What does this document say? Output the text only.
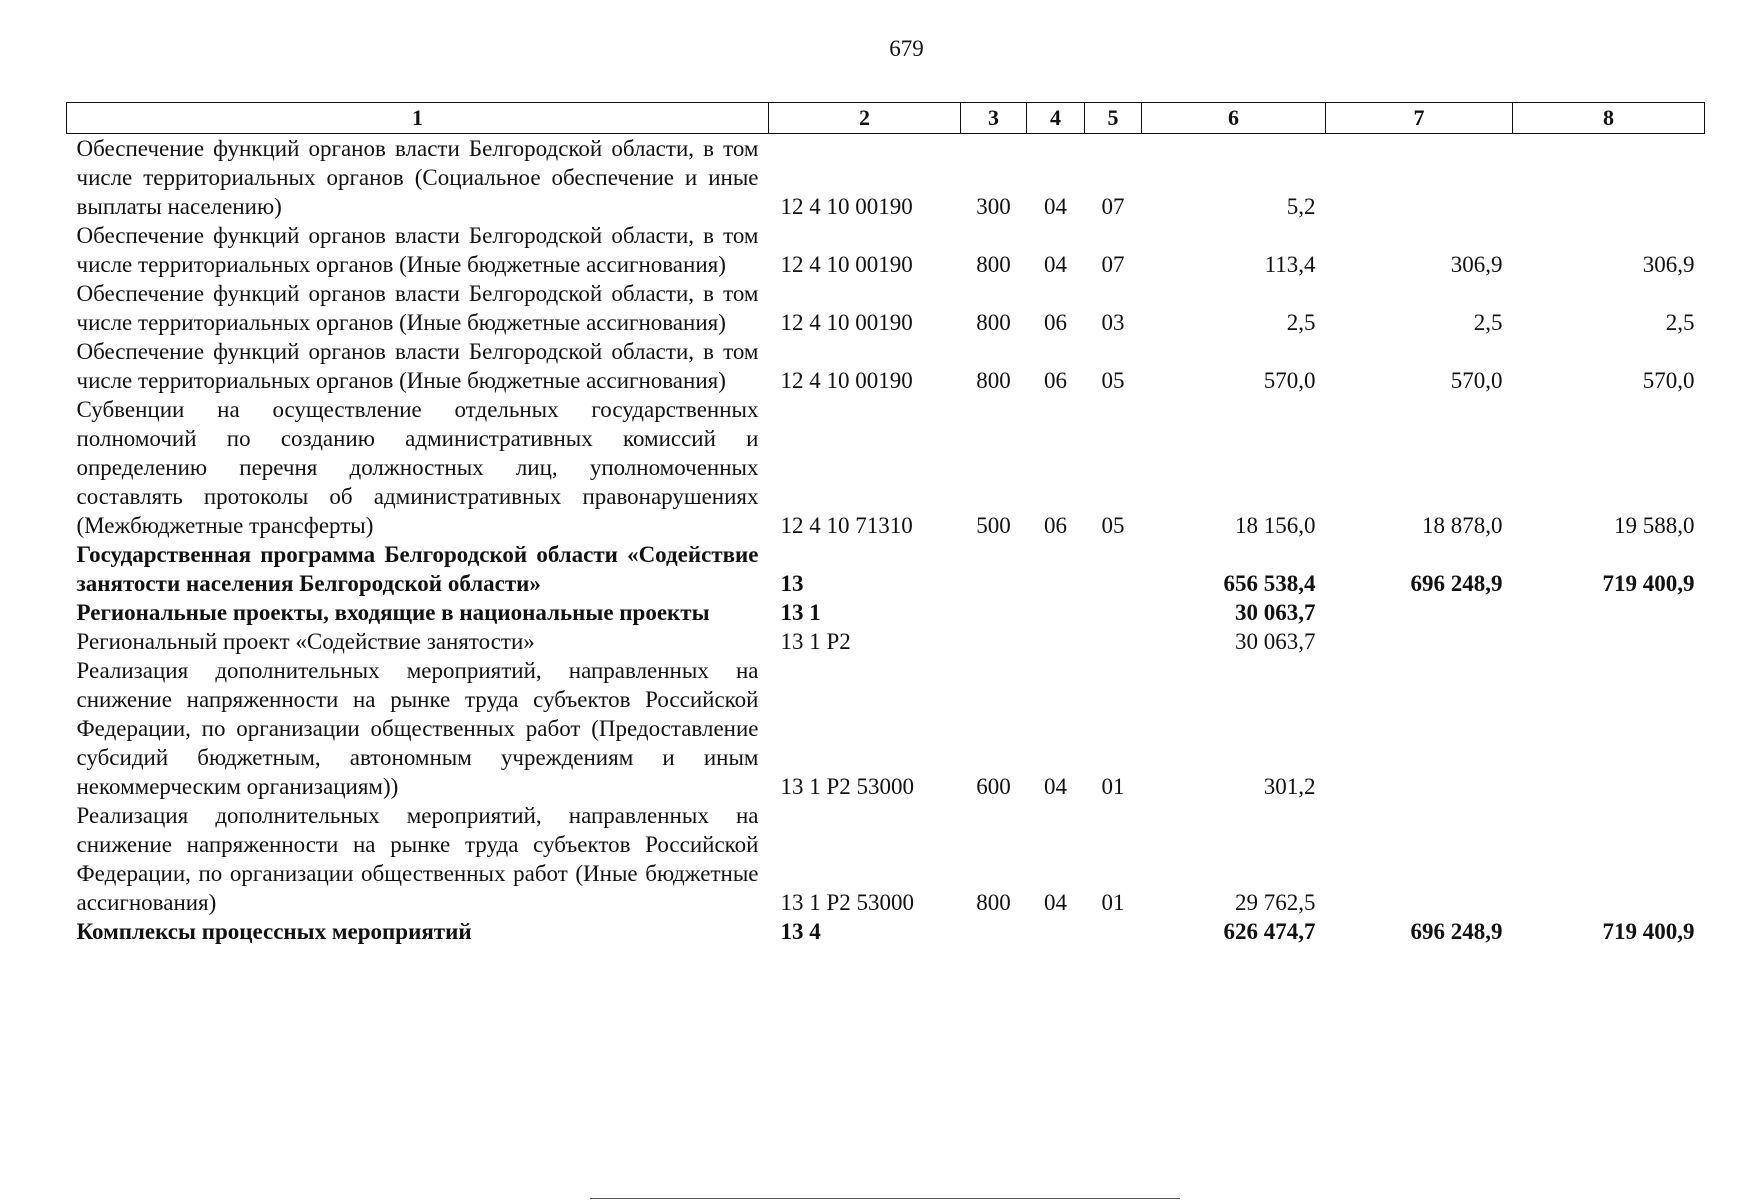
679
1	2	3	4	5	6	7	8
Обеспечение функций органов власти Белгородской области, в том числе территориальных органов (Социальное обеспечение и иные выплаты населению)	12 4 10 00190	300	04	07	5,2		
Обеспечение функций органов власти Белгородской области, в том числе территориальных органов (Иные бюджетные ассигнования)	12 4 10 00190	800	04	07	113,4	306,9	306,9
Обеспечение функций органов власти Белгородской области, в том числе территориальных органов (Иные бюджетные ассигнования)	12 4 10 00190	800	06	03	2,5	2,5	2,5
Обеспечение функций органов власти Белгородской области, в том числе территориальных органов (Иные бюджетные ассигнования)	12 4 10 00190	800	06	05	570,0	570,0	570,0
Субвенции на осуществление отдельных государственных полномочий по созданию административных комиссий и определению перечня должностных лиц, уполномоченных составлять протоколы об административных правонарушениях (Межбюджетные трансферты)	12 4 10 71310	500	06	05	18 156,0	18 878,0	19 588,0
Государственная программа Белгородской области «Содействие занятости населения Белгородской области»	13				656 538,4	696 248,9	719 400,9
Региональные проекты, входящие в национальные проекты	13 1				30 063,7		
Региональный проект «Содействие занятости»	13 1 Р2				30 063,7		
Реализация дополнительных мероприятий, направленных на снижение напряженности на рынке труда субъектов Российской Федерации, по организации общественных работ (Предоставление субсидий бюджетным, автономным учреждениям и иным некоммерческим организациям))	13 1 Р2 53000	600	04	01	301,2		
Реализация дополнительных мероприятий, направленных на снижение напряженности на рынке труда субъектов Российской Федерации, по организации общественных работ (Иные бюджетные ассигнования)	13 1 Р2 53000	800	04	01	29 762,5		
Комплексы процессных мероприятий	13 4				626 474,7	696 248,9	719 400,9
